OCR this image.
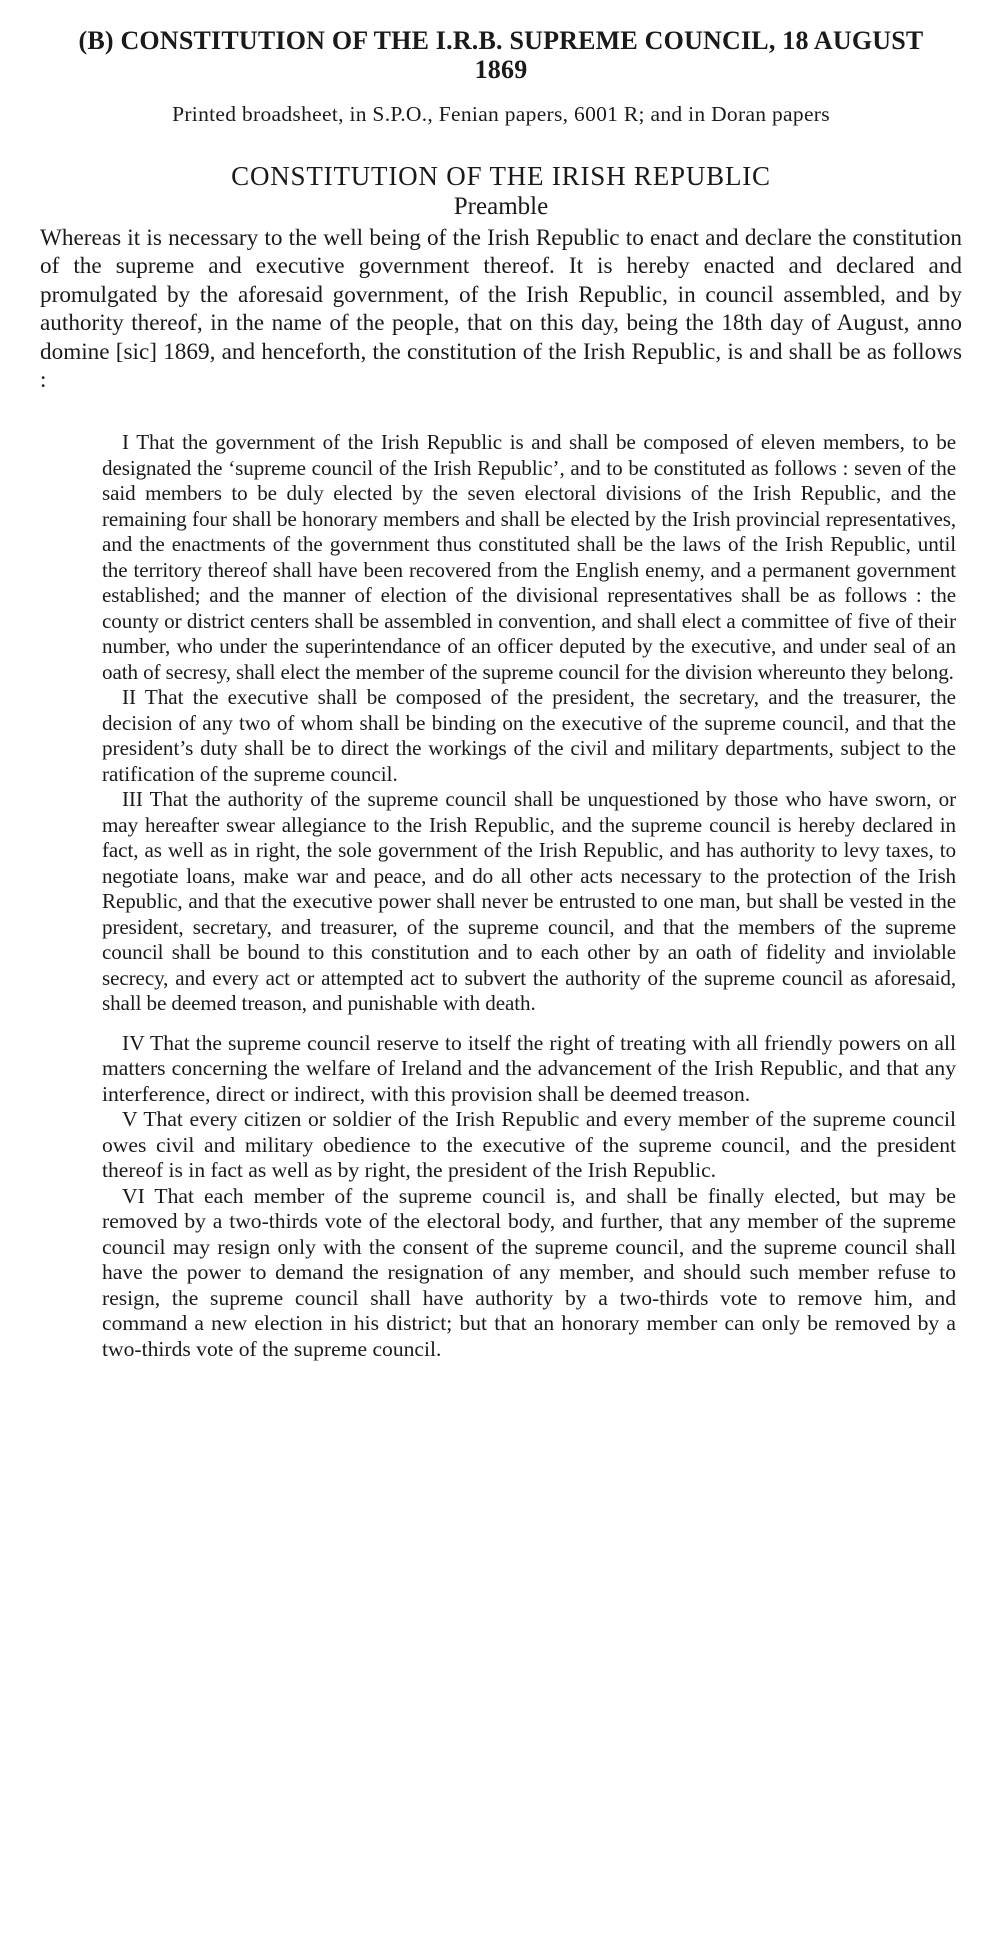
(B) CONSTITUTION OF THE I.R.B. SUPREME COUNCIL, 18 AUGUST
1869
Printed broadsheet, in S.P.O., Fenian papers, 6001 R; and in Doran papers
CONSTITUTION OF THE IRISH REPUBLIC
Preamble

Whereas it is necessary to the well being of the Irish Republic to enact and declare the constitution of the supreme and executive government thereof. It is hereby enacted and declared and promulgated by the aforesaid government, of the Irish Republic, in council assembled, and by authority thereof, in the name of the people, that on this day, being the 18th day of August, anno domine [sic] 1869, and henceforth, the constitution of the Irish Republic, is and shall be as follows :

I That the government of the Irish Republic is and shall be composed of eleven members, to be designated the ‘supreme council of the Irish Republic’, and to be constituted as follows : seven of the said members to be duly elected by the seven electoral divisions of the Irish Republic, and the remaining four shall be honorary members and shall be elected by the Irish provincial representatives, and the enactments of the government thus constituted shall be the laws of the Irish Republic, until the territory thereof shall have been recovered from the English enemy, and a permanent government established; and the manner of election of the divisional representatives shall be as follows : the county or district centers shall be assembled in convention, and shall elect a committee of five of their number, who under the superintendance of an officer deputed by the executive, and under seal of an oath of secresy, shall elect the member of the supreme council for the division whereunto they belong.

II That the executive shall be composed of the president, the secretary, and the treasurer, the decision of any two of whom shall be binding on the executive of the supreme council, and that the president’s duty shall be to direct the workings of the civil and military departments, subject to the ratification of the supreme council.

III That the authority of the supreme council shall be unquestioned by those who have sworn, or may hereafter swear allegiance to the Irish Republic, and the supreme council is hereby declared in fact, as well as in right, the sole government of the Irish Republic, and has authority to levy taxes, to negotiate loans, make war and peace, and do all other acts necessary to the protection of the Irish Republic, and that the executive power shall never be entrusted to one man, but shall be vested in the president, secretary, and treasurer, of the supreme council, and that the members of the supreme council shall be bound to this constitution and to each other by an oath of fidelity and inviolable secrecy, and every act or attempted act to subvert the authority of the supreme council as aforesaid, shall be deemed treason, and punishable with death.

IV That the supreme council reserve to itself the right of treating with all friendly powers on all matters concerning the welfare of Ireland and the advancement of the Irish Republic, and that any interference, direct or indirect, with this provision shall be deemed treason.

V That every citizen or soldier of the Irish Republic and every member of the supreme council owes civil and military obedience to the executive of the supreme council, and the president thereof is in fact as well as by right, the president of the Irish Republic.

VI That each member of the supreme council is, and shall be finally elected, but may be removed by a two-thirds vote of the electoral body, and further, that any member of the supreme council may resign only with the consent of the supreme council, and the supreme council shall have the power to demand the resignation of any member, and should such member refuse to resign, the supreme council shall have authority by a two-thirds vote to remove him, and command a new election in his district; but that an honorary member can only be removed by a two-thirds vote of the supreme council.
